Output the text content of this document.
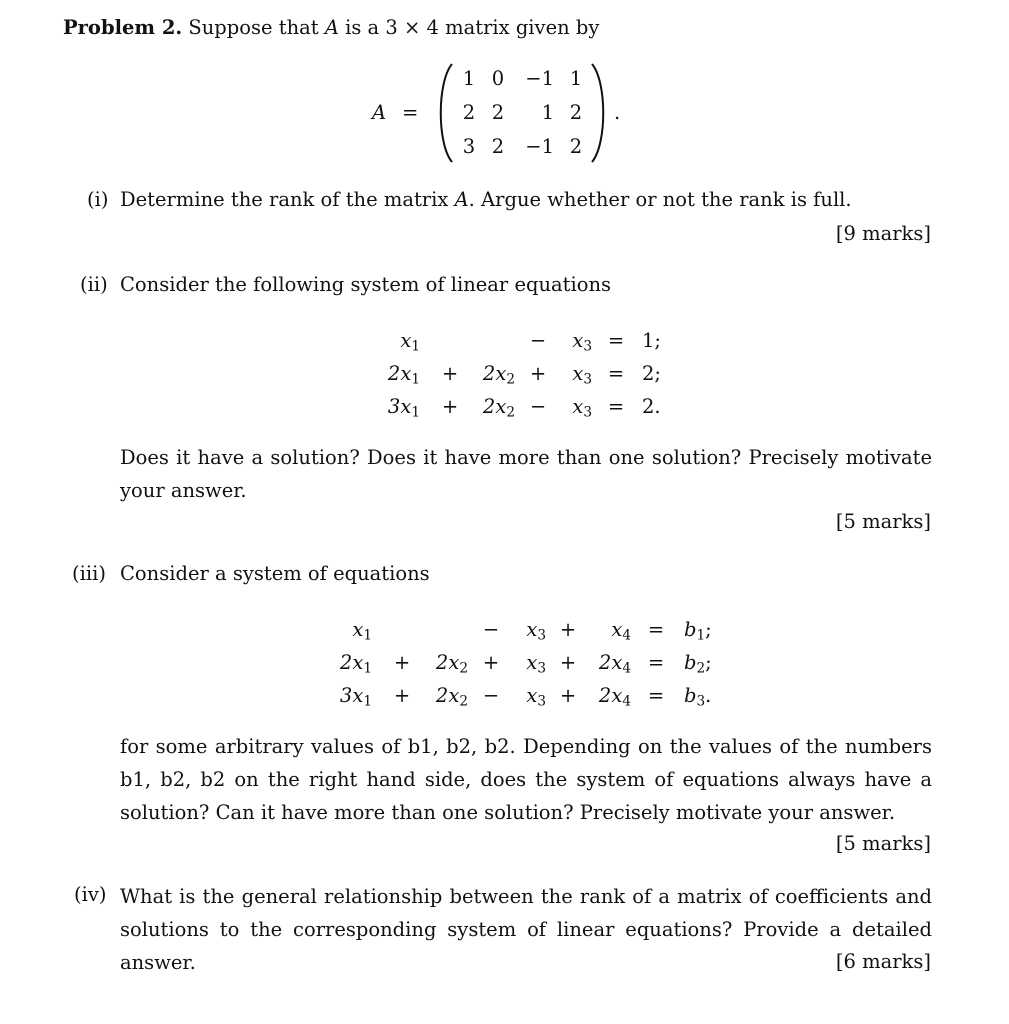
Problem 2. Suppose that A is a 3 × 4 matrix given by
A =
1 0 −1 1
2 2	1 2
3 2 −1 2
.
(i) Determine the rank of the matrix A. Argue whether or not the rank is full.
[9 marks]
(ii) Consider the following system of linear equations
$x_1$	−	$x_3 = 1$;
$2x_1$ +	$2x_2$ +	$x_3 = 2$;
$3x_1$ +	$2x_2$ −	$x_3 = 2$.
Does it have a solution? Does it have more than one solution? Precisely motivate your answer.
[5 marks]
(iii) Consider a system of equations
$x_1$	−	$x_3$ +	$x_4 = b_1$;
$2x_1$ +	$2x_2$ +	$x_3$ +	$2x_4 = b_2$;
$3x_1$ +	$2x_2$ −	$x_3$ +	$2x_4 = b_3$.
for some arbitrary values of b1, b2, b2. Depending on the values of the numbers b1, b2, b2 on the right hand side, does the system of equations always have a solution? Can it have more than one solution? Precisely motivate your answer.
[5 marks]
(iv) What is the general relationship between the rank of a matrix of coefficients and solutions to the corresponding system of linear equations? Provide a detailed answer.	[6 marks]
